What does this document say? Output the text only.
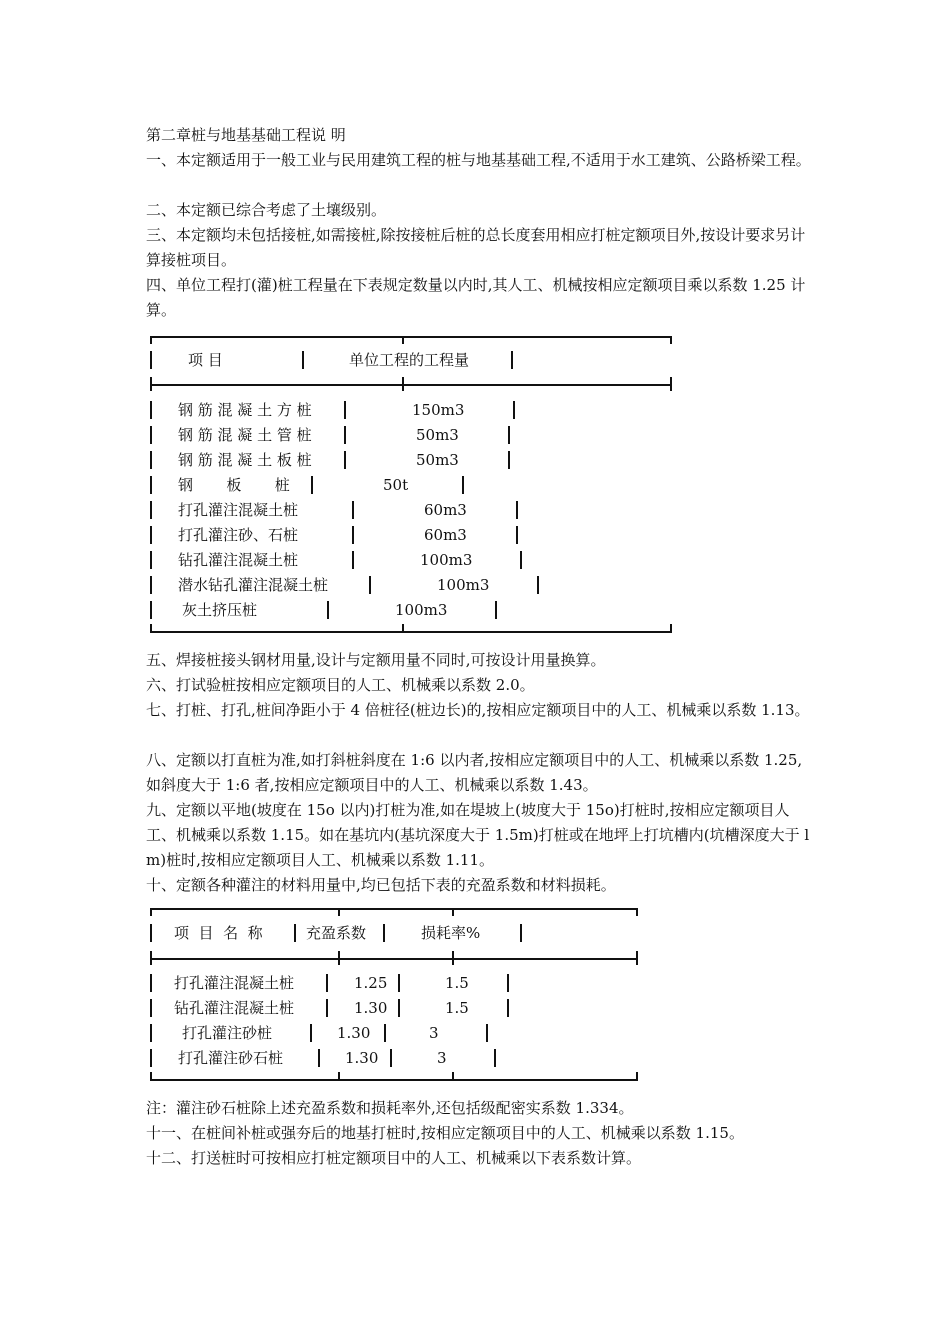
第二章桩与地基基础工程说 明
一、本定额适用于一般工业与民用建筑工程的桩与地基基础工程,不适用于水工建筑、公路桥梁工程。
二、本定额已综合考虑了土壤级别。
三、本定额均未包括接桩,如需接桩,除按接桩后桩的总长度套用相应打桩定额项目外,按设计要求另计算接桩项目。
四、单位工程打(灌)桩工程量在下表规定数量以内时,其人工、机械按相应定额项目乘以系数 1.25 计算。
项 目	单位工程的工程量
钢 筋 混 凝 土 方 桩	150m3
钢 筋 混 凝 土 管 桩	50m3
钢 筋 混 凝 土 板 桩	50m3
钢       板       桩	50t
打孔灌注混凝土桩	60m3
打孔灌注砂、石桩	60m3
钻孔灌注混凝土桩	100m3
潜水钻孔灌注混凝土桩	100m3
灰土挤压桩	100m3
五、焊接桩接头钢材用量,设计与定额用量不同时,可按设计用量换算。
六、打试验桩按相应定额项目的人工、机械乘以系数 2.0。
七、打桩、打孔,桩间净距小于 4 倍桩径(桩边长)的,按相应定额项目中的人工、机械乘以系数 1.13。
八、定额以打直桩为准,如打斜桩斜度在 1:6 以内者,按相应定额项目中的人工、机械乘以系数 1.25,如斜度大于 1:6 者,按相应定额项目中的人工、机械乘以系数 1.43。
九、定额以平地(坡度在 15o 以内)打桩为准,如在堤坡上(坡度大于 15o)打桩时,按相应定额项目人工、机械乘以系数 1.15。如在基坑内(基坑深度大于 1.5m)打桩或在地坪上打坑槽内(坑槽深度大于 lm)桩时,按相应定额项目人工、机械乘以系数 1.11。
十、定额各种灌注的材料用量中,均已包括下表的充盈系数和材料损耗。
项  目  名  称	充盈系数	损耗率%
打孔灌注混凝土桩	1.25	1.5
钻孔灌注混凝土桩	1.30	1.5
打孔灌注砂桩	1.30	3
打孔灌注砂石桩	1.30	3
注：灌注砂石桩除上述充盈系数和损耗率外,还包括级配密实系数 1.334。
十一、在桩间补桩或强夯后的地基打桩时,按相应定额项目中的人工、机械乘以系数 1.15。
十二、打送桩时可按相应打桩定额项目中的人工、机械乘以下表系数计算。
